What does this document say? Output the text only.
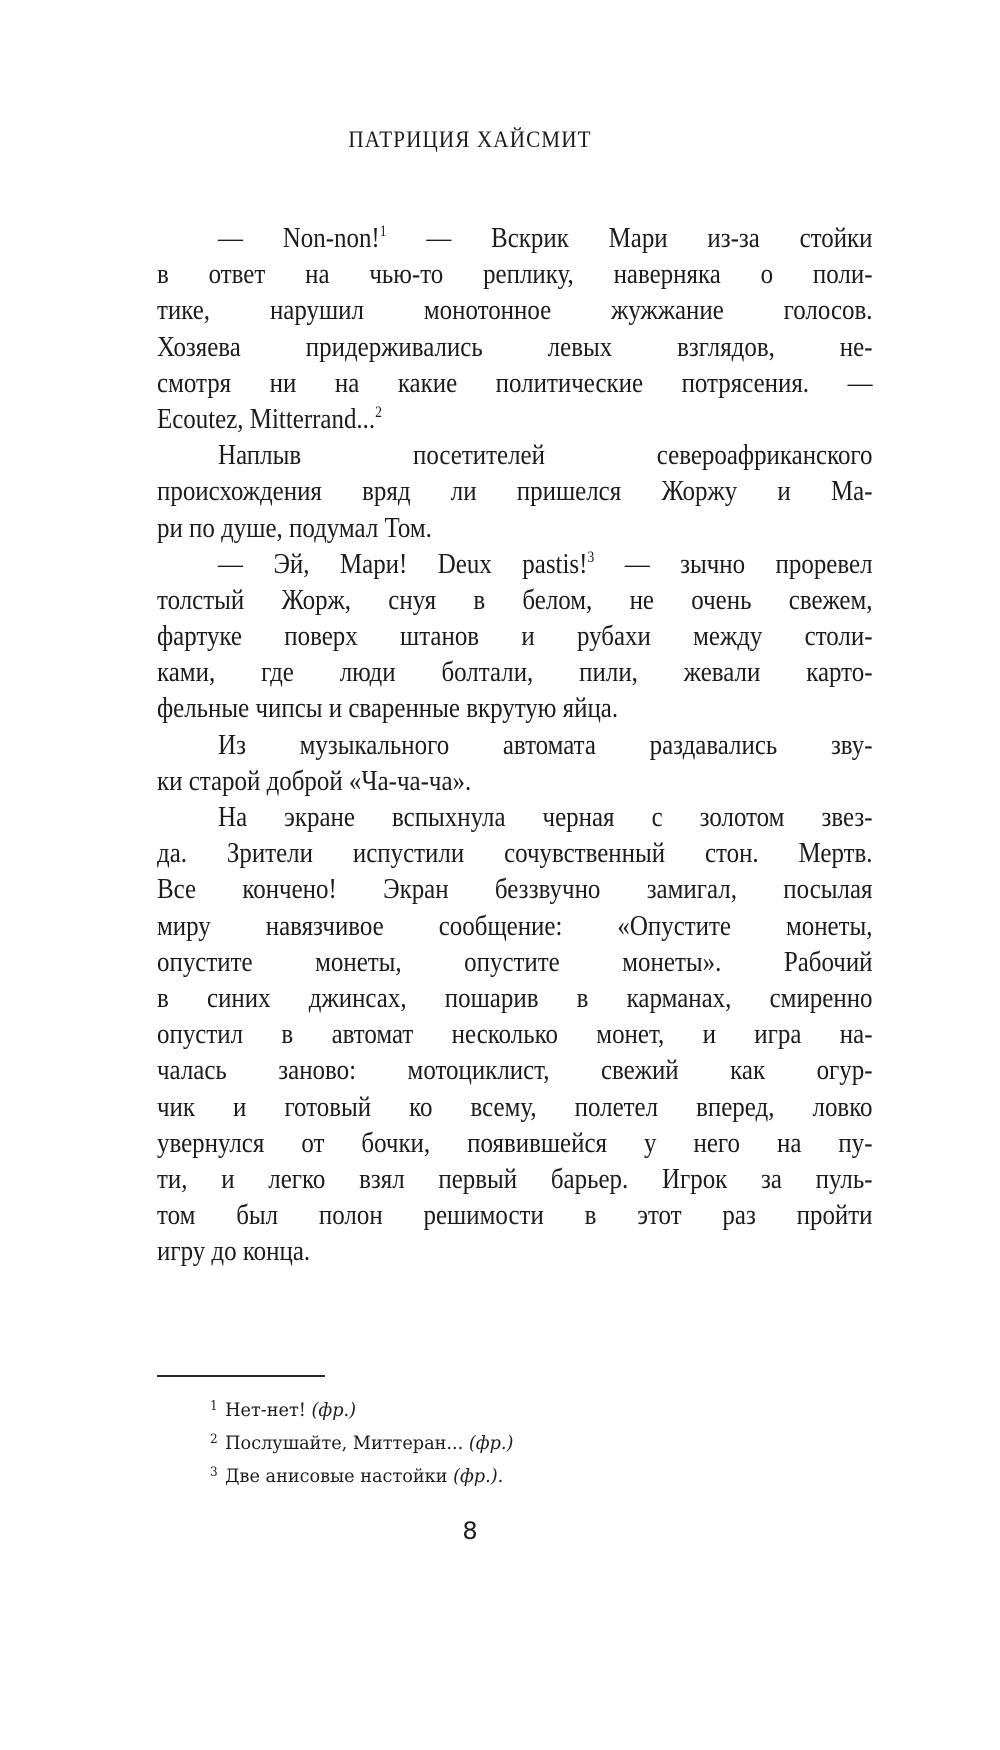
ПАТРИЦИЯ ХАЙСМИТ
— Non-non!$^1$ — Вскрик Мари из-за стойки
в ответ на чью-то реплику, наверняка о поли-
тике, нарушил монотонное жужжание голосов.
Хозяева придерживались левых взглядов, не-
смотря ни на какие политические потрясения. —
Ecoutez, Mitterrand...$^2$
Наплыв посетителей североафриканского
происхождения вряд ли пришелся Жоржу и Ма-
ри по душе, подумал Том.
— Эй, Мари! Deux pastis!$^3$ — зычно проревел
толстый Жорж, снуя в белом, не очень свежем,
фартуке поверх штанов и рубахи между столи-
ками, где люди болтали, пили, жевали карто-
фельные чипсы и сваренные вкрутую яйца.
Из музыкального автомата раздавались зву-
ки старой доброй «Ча-ча-ча».
На экране вспыхнула черная с золотом звез-
да. Зрители испустили сочувственный стон. Мертв.
Все кончено! Экран беззвучно замигал, посылая
миру навязчивое сообщение: «Опустите монеты,
опустите монеты, опустите монеты». Рабочий
в синих джинсах, пошарив в карманах, смиренно
опустил в автомат несколько монет, и игра на-
чалась заново: мотоциклист, свежий как огур-
чик и готовый ко всему, полетел вперед, ловко
увернулся от бочки, появившейся у него на пу-
ти, и легко взял первый барьер. Игрок за пуль-
том был полон решимости в этот раз пройти
игру до конца.
$^1$ Нет-нет! (фр.)
$^2$ Послушайте, Миттеран... (фр.)
$^3$ Две анисовые настойки (фр.).
8
